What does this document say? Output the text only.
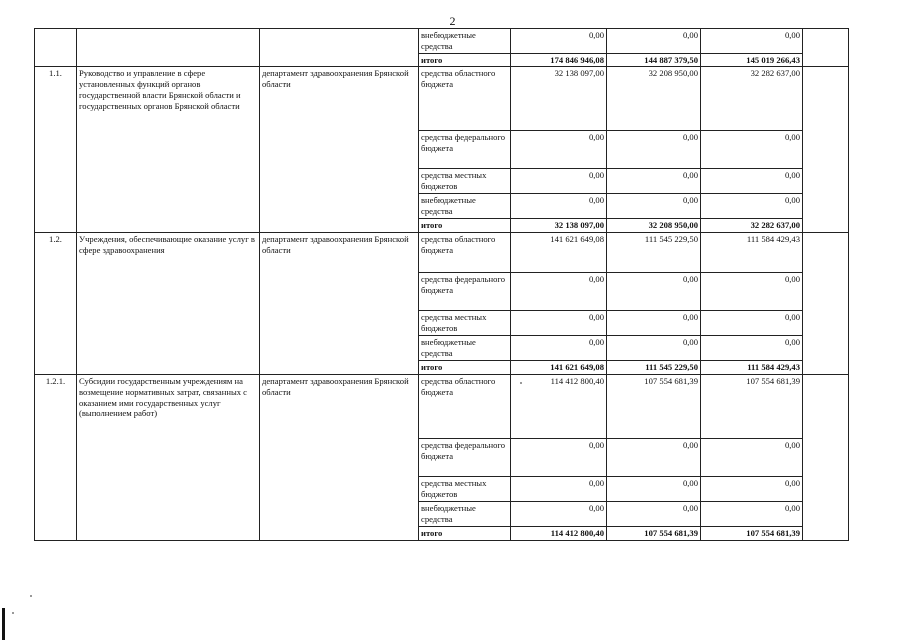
2
			внебюджетные средства	0,00	0,00	0,00	
			итого	174 846 946,08	144 887 379,50	145 019 266,43	
1.1.	Руководство и управление в сфере установленных функций органов государственной власти Брянской области и государственных органов Брянской области	департамент здравоохранения Брянской области	средства областного бюджета	32 138 097,00	32 208 950,00	32 282 637,00	
			средства федерального бюджета	0,00	0,00	0,00	
			средства местных бюджетов	0,00	0,00	0,00	
			внебюджетные средства	0,00	0,00	0,00	
			итого	32 138 097,00	32 208 950,00	32 282 637,00	
1.2.	Учреждения, обеспечивающие оказание услуг в сфере здравоохранения	департамент здравоохранения Брянской области	средства областного бюджета	141 621 649,08	111 545 229,50	111 584 429,43	
			средства федерального бюджета	0,00	0,00	0,00	
			средства местных бюджетов	0,00	0,00	0,00	
			внебюджетные средства	0,00	0,00	0,00	
			итого	141 621 649,08	111 545 229,50	111 584 429,43	
1.2.1.	Субсидии государственным учреждениям на возмещение нормативных затрат, связанных с оказанием ими государственных услуг (выполнением работ)	департамент здравоохранения Брянской области	средства областного бюджета	114 412 800,40	107 554 681,39	107 554 681,39	
			средства федерального бюджета	0,00	0,00	0,00	
			средства местных бюджетов	0,00	0,00	0,00	
			внебюджетные средства	0,00	0,00	0,00	
			итого	114 412 800,40	107 554 681,39	107 554 681,39	
